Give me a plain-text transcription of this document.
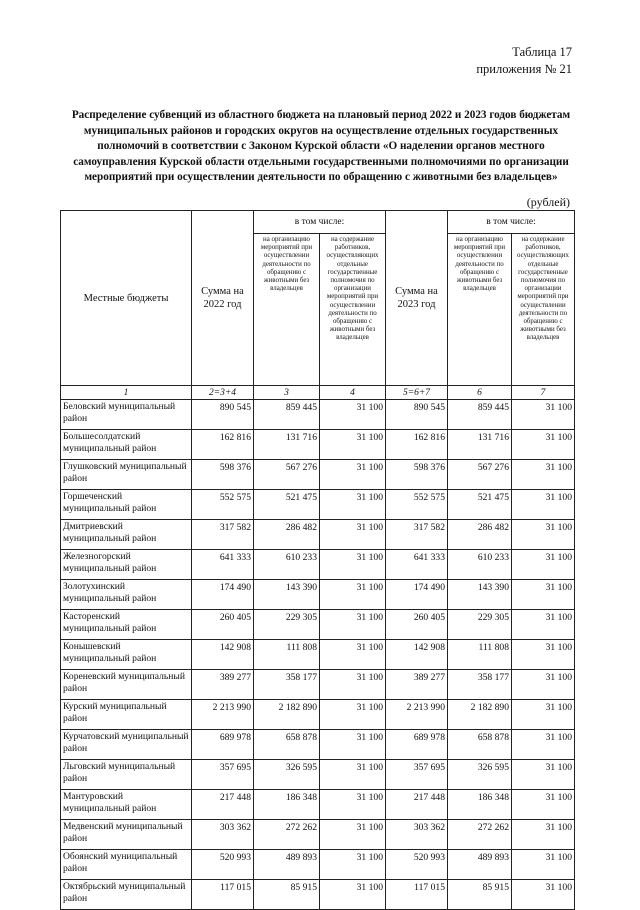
Таблица 17
приложения № 21
Распределение субвенций из областного бюджета на плановый период 2022 и 2023 годов бюджетам муниципальных районов и городских округов на осуществление отдельных государственных полномочий в соответствии с Законом Курской области «О наделении органов местного самоуправления Курской области отдельными государственными полномочиями по организации мероприятий при осуществлении деятельности по обращению с животными без владельцев»
(рублей)
Местные бюджеты	Сумма на 2022 год	в том числе:		Сумма на 2023 год	в том числе:	
		на организацию мероприятий при осуществлении деятельности по обращению с животными без владельцев	на содержание работников, осуществляющих отдельные государственные полномочия по организации мероприятий при осуществлении деятельности по обращению с животными без владельцев		на организацию мероприятий при осуществлении деятельности по обращению с животными без владельцев	на содержание работников, осуществляющих отдельные государственные полномочия по организации мероприятий при осуществлении деятельности по обращению с животными без владельцев
1	2=3+4	3	4	5=6+7	6	7
Беловский муниципальный район	890 545	859 445	31 100	890 545	859 445	31 100
Большесолдатский муниципальный район	162 816	131 716	31 100	162 816	131 716	31 100
Глушковский муниципальный район	598 376	567 276	31 100	598 376	567 276	31 100
Горшеченский муниципальный район	552 575	521 475	31 100	552 575	521 475	31 100
Дмитриевский муниципальный район	317 582	286 482	31 100	317 582	286 482	31 100
Железногорский муниципальный район	641 333	610 233	31 100	641 333	610 233	31 100
Золотухинский муниципальный район	174 490	143 390	31 100	174 490	143 390	31 100
Касторенский муниципальный район	260 405	229 305	31 100	260 405	229 305	31 100
Конышевский муниципальный район	142 908	111 808	31 100	142 908	111 808	31 100
Кореневский муниципальный район	389 277	358 177	31 100	389 277	358 177	31 100
Курский муниципальный район	2 213 990	2 182 890	31 100	2 213 990	2 182 890	31 100
Курчатовский муниципальный район	689 978	658 878	31 100	689 978	658 878	31 100
Льговский муниципальный район	357 695	326 595	31 100	357 695	326 595	31 100
Мантуровский муниципальный район	217 448	186 348	31 100	217 448	186 348	31 100
Медвенский муниципальный район	303 362	272 262	31 100	303 362	272 262	31 100
Обоянский муниципальный район	520 993	489 893	31 100	520 993	489 893	31 100
Октябрьский муниципальный район	117 015	85 915	31 100	117 015	85 915	31 100
